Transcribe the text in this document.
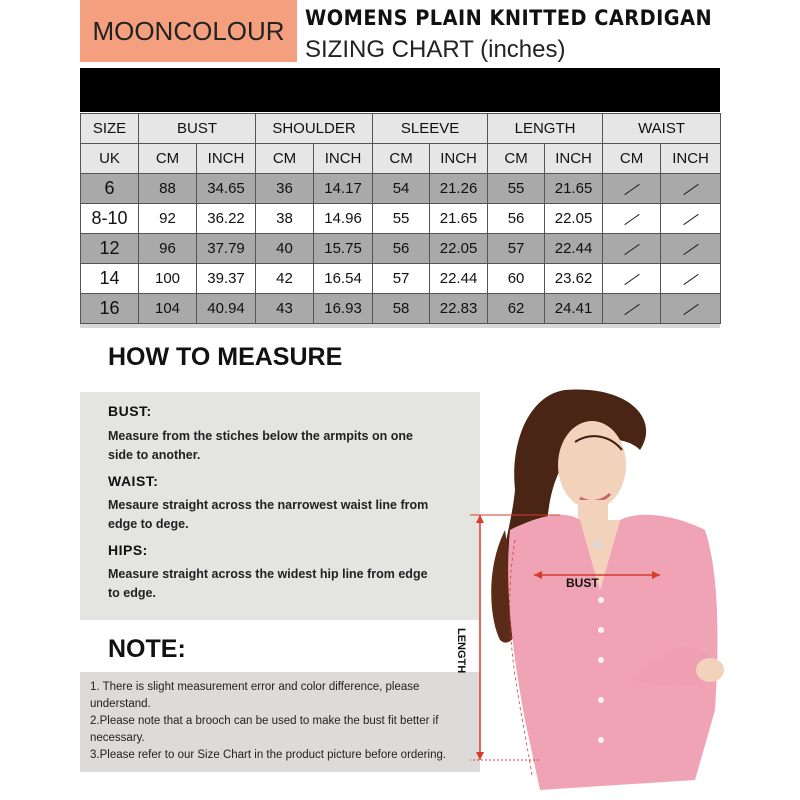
MOONCOLOUR WOMENS PLAIN KNITTED CARDIGAN
SIZING CHART (inches)
SIZE	BUST		SHOULDER		SLEEVE		LENGTH		WAIST	
UK	CM	INCH	CM	INCH	CM	INCH	CM	INCH	CM	INCH
6	88	34.65	36	14.17	54	21.26	55	21.65		
8-10	92	36.22	38	14.96	55	21.65	56	22.05		
12	96	37.79	40	15.75	56	22.05	57	22.44		
14	100	39.37	42	16.54	57	22.44	60	23.62		
16	104	40.94	43	16.93	58	22.83	62	24.41		
HOW TO MEASURE
BUST:
Measure from the stiches below the armpits on one side to another.
WAIST:
Mesaure straight across the narrowest waist line from edge to dege.
HIPS:
Measure straight across the widest hip line from edge to edge.
NOTE:
1. There is slight measurement error and color difference, please understand.
2.Please note that a brooch can be used to make the bust fit better if necessary.
3.Please refer to our Size Chart in the product picture before ordering.
BUST
LENGTH
